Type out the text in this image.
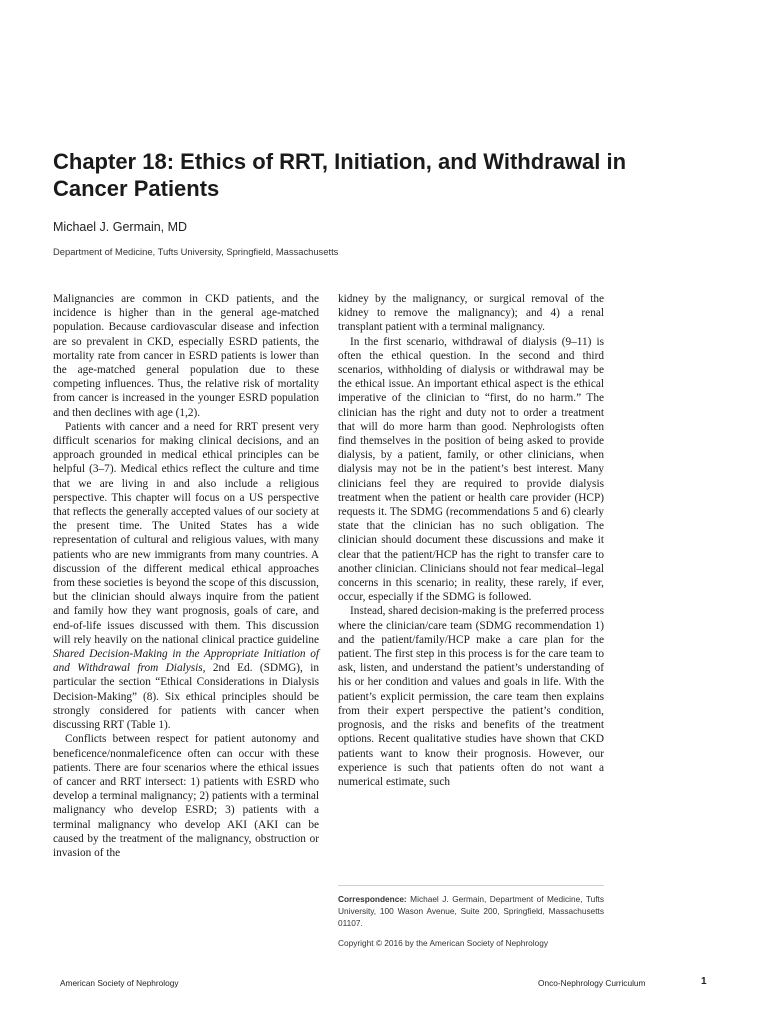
Chapter 18: Ethics of RRT, Initiation, and Withdrawal in Cancer Patients
Michael J. Germain, MD
Department of Medicine, Tufts University, Springfield, Massachusetts

Malignancies are common in CKD patients, and the incidence is higher than in the general age-matched population. Because cardiovascular disease and infection are so prevalent in CKD, especially ESRD patients, the mortality rate from cancer in ESRD patients is lower than the age-matched general population due to these competing influences. Thus, the relative risk of mortality from cancer is increased in the younger ESRD population and then declines with age (1,2).

Patients with cancer and a need for RRT present very difficult scenarios for making clinical decisions, and an approach grounded in medical ethical principles can be helpful (3–7). Medical ethics reflect the culture and time that we are living in and also include a religious perspective. This chapter will focus on a US perspective that reflects the generally accepted values of our society at the present time. The United States has a wide representation of cultural and religious values, with many patients who are new immigrants from many countries. A discussion of the different medical ethical approaches from these societies is beyond the scope of this discussion, but the clinician should always inquire from the patient and family how they want prognosis, goals of care, and end-of-life issues discussed with them. This discussion will rely heavily on the national clinical practice guideline Shared Decision-Making in the Appropriate Initiation of and Withdrawal from Dialysis, 2nd Ed. (SDMG), in particular the section “Ethical Considerations in Dialysis Decision-Making” (8). Six ethical principles should be strongly considered for patients with cancer when discussing RRT (Table 1).

Conflicts between respect for patient autonomy and beneficence/nonmaleficence often can occur with these patients. There are four scenarios where the ethical issues of cancer and RRT intersect: 1) patients with ESRD who develop a terminal malignancy; 2) patients with a terminal malignancy who develop ESRD; 3) patients with a terminal malignancy who develop AKI (AKI can be caused by the treatment of the malignancy, obstruction or invasion of the

kidney by the malignancy, or surgical removal of the kidney to remove the malignancy); and 4) a renal transplant patient with a terminal malignancy.

In the first scenario, withdrawal of dialysis (9–11) is often the ethical question. In the second and third scenarios, withholding of dialysis or withdrawal may be the ethical issue. An important ethical aspect is the ethical imperative of the clinician to “first, do no harm.” The clinician has the right and duty not to order a treatment that will do more harm than good. Nephrologists often find themselves in the position of being asked to provide dialysis, by a patient, family, or other clinicians, when dialysis may not be in the patient’s best interest. Many clinicians feel they are required to provide dialysis treatment when the patient or health care provider (HCP) requests it. The SDMG (recommendations 5 and 6) clearly state that the clinician has no such obligation. The clinician should document these discussions and make it clear that the patient/HCP has the right to transfer care to another clinician. Clinicians should not fear medical–legal concerns in this scenario; in reality, these rarely, if ever, occur, especially if the SDMG is followed.

Instead, shared decision-making is the preferred process where the clinician/care team (SDMG recommendation 1) and the patient/family/HCP make a care plan for the patient. The first step in this process is for the care team to ask, listen, and understand the patient’s understanding of his or her condition and values and goals in life. With the patient’s explicit permission, the care team then explains from their expert perspective the patient’s condition, prognosis, and the risks and benefits of the treatment options. Recent qualitative studies have shown that CKD patients want to know their prognosis. However, our experience is such that patients often do not want a numerical estimate, such

Correspondence: Michael J. Germain, Department of Medicine, Tufts University, 100 Wason Avenue, Suite 200, Springfield, Massachusetts 01107.

Copyright © 2016 by the American Society of Nephrology
American Society of Nephrology	Onco-Nephrology Curriculum	1
